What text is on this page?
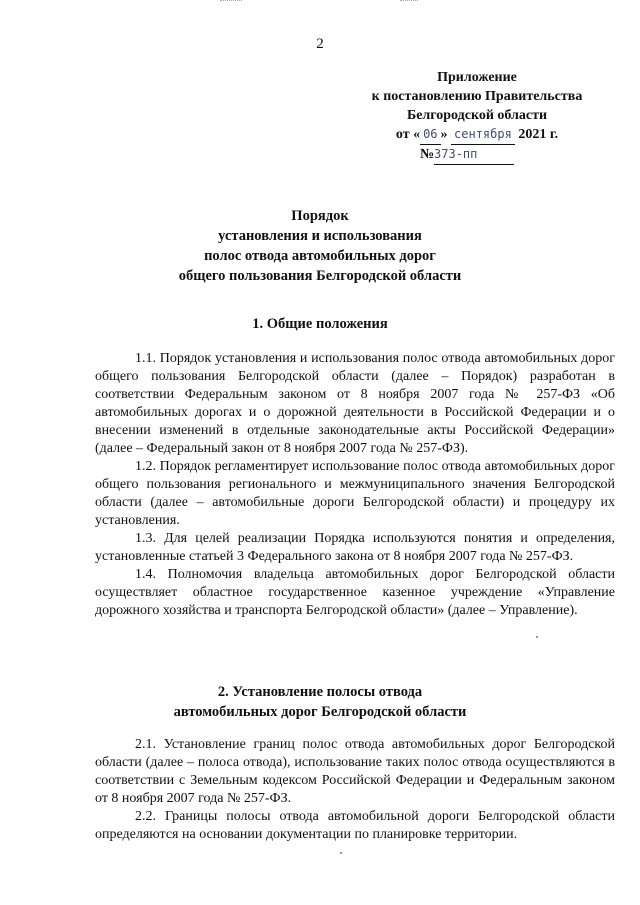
2
Приложение
к постановлению Правительства
Белгородской области
от « 06 » сентября 2021 г.
№373-пп
Порядок
установления и использования
полос отвода автомобильных дорог
общего пользования Белгородской области
1. Общие положения

1.1. Порядок установления и использования полос отвода автомобильных дорог общего пользования Белгородской области (далее – Порядок) разработан в соответствии Федеральным законом от 8 ноября 2007 года № 257-ФЗ «Об автомобильных дорогах и о дорожной деятельности в Российской Федерации и о внесении изменений в отдельные законодательные акты Российской Федерации» (далее – Федеральный закон от 8 ноября 2007 года № 257-ФЗ).

1.2. Порядок регламентирует использование полос отвода автомобильных дорог общего пользования регионального и межмуниципального значения Белгородской области (далее – автомобильные дороги Белгородской области) и процедуру их установления.

1.3. Для целей реализации Порядка используются понятия и определения, установленные статьей 3 Федерального закона от 8 ноября 2007 года № 257-ФЗ.

1.4. Полномочия владельца автомобильных дорог Белгородской области осуществляет областное государственное казенное учреждение «Управление дорожного хозяйства и транспорта Белгородской области» (далее – Управление).

2. Установление полосы отвода
автомобильных дорог Белгородской области

2.1. Установление границ полос отвода автомобильных дорог Белгородской области (далее – полоса отвода), использование таких полос отвода осуществляются в соответствии с Земельным кодексом Российской Федерации и Федеральным законом от 8 ноября 2007 года № 257-ФЗ.

2.2. Границы полосы отвода автомобильной дороги Белгородской области определяются на основании документации по планировке территории.
